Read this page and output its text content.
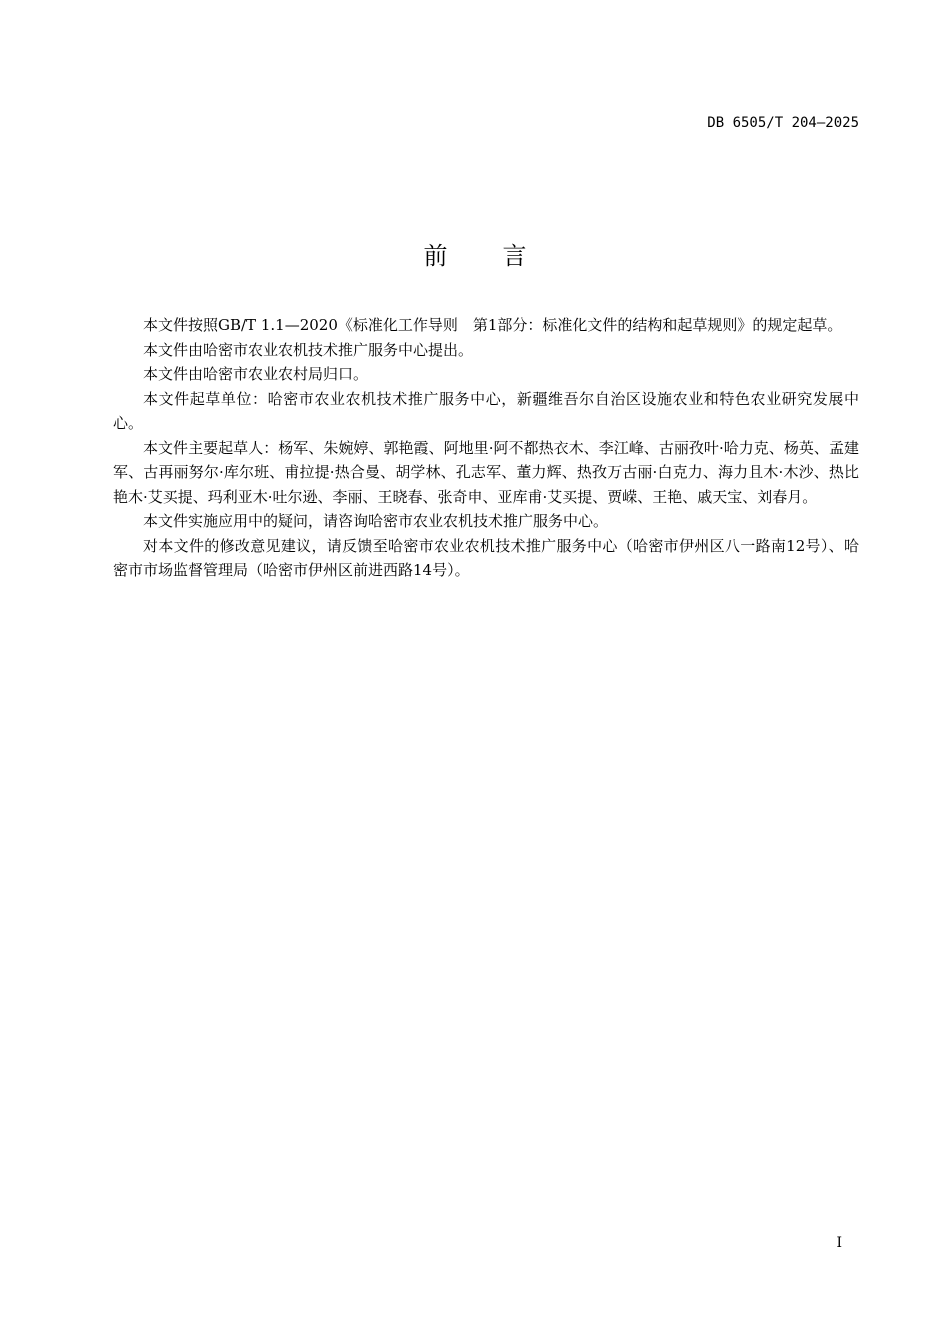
DB 6505/T 204—2025
前言

本文件按照GB/T 1.1—2020《标准化工作导则　第1部分：标准化文件的结构和起草规则》的规定起草。

本文件由哈密市农业农机技术推广服务中心提出。

本文件由哈密市农业农村局归口。

本文件起草单位：哈密市农业农机技术推广服务中心，新疆维吾尔自治区设施农业和特色农业研究发展中心。

本文件主要起草人：杨军、朱婉婷、郭艳霞、阿地里·阿不都热衣木、李江峰、古丽孜叶·哈力克、杨英、孟建军、古再丽努尔·库尔班、甫拉提·热合曼、胡学林、孔志军、董力辉、热孜万古丽·白克力、海力且木·木沙、热比艳木·艾买提、玛利亚木·吐尔逊、李丽、王晓春、张奇申、亚库甫·艾买提、贾嵘、王艳、戚天宝、刘春月。

本文件实施应用中的疑问，请咨询哈密市农业农机技术推广服务中心。

对本文件的修改意见建议，请反馈至哈密市农业农机技术推广服务中心（哈密市伊州区八一路南12号）、哈密市市场监督管理局（哈密市伊州区前进西路14号）。

I
